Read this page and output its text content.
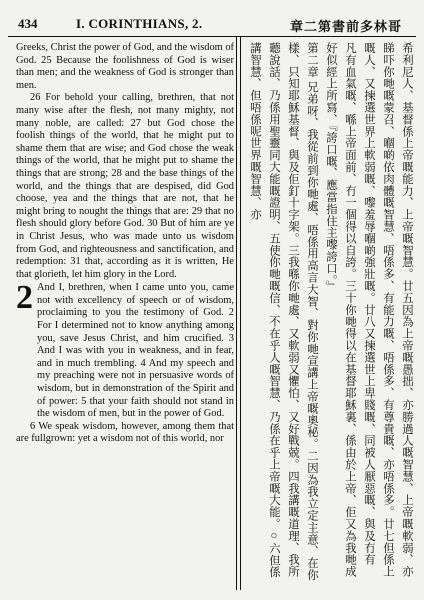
434	I. CORINTHIANS, 2.	章二第書前多林哥

Greeks, Christ the power of God, and the wisdom of God. 25 Because the foolishness of God is wiser than men; and the weakness of God is stronger than men.

26 For behold your calling, brethren, that not many wise after the flesh, not many mighty, not many noble, are called: 27 but God chose the foolish things of the world, that he might put to shame them that are wise; and God chose the weak things of the world, that he might put to shame the things that are strong; 28 and the base things of the world, and the things that are despised, did God choose, yea and the things that are not, that he might bring to nought the things that are: 29 that no flesh should glory before God. 30 But of him are ye in Christ Jesus, who was made unto us wisdom from God, and righteousness and sanctification, and redemption: 31 that, according as it is written, He that glorieth, let him glory in the Lord.

2 And I, brethren, when I came unto you, came not with excellency of speech or of wisdom, proclaiming to you the testimony of God. 2 For I determined not to know anything among you, save Jesus Christ, and him crucified. 3 And I was with you in weakness, and in fear, and in much trembling. 4 And my speech and my preaching were not in persuasive words of wisdom, but in demonstration of the Spirit and of power: 5 that your faith should not stand in the wisdom of men, but in the power of God.

6 We speak wisdom, however, among them that are fullgrown: yet a wisdom not of this world, nor

希利尼人、基督係上帝嘅能力、上帝嘅智慧。廿五因為上帝嘅愚拙、亦勝過人嘅智慧、上帝嘅軟弱、亦
睇吓你哋嘅蒙召、嗰啲依肉體嘅智慧、唔係多、有能力嘅、唔係多、有尊貴嘅、亦唔係多。廿七但係上
嘅人、又揀選世界上軟弱嘅、嚟羞辱嗰啲強壯嘅。廿八又揀選世上卑賤嘅、同被人厭惡嘅、與及冇有
凡有血氣嘅、喺上帝面前、冇一個得以自誇。三十你哋得以在基督耶穌裏、係由於上帝、佢又為我哋成
好似經上所寫、『誇口嘅、應當指住主嚟誇口。』
第二章 兄弟呀、我從前到你哋處、唔係用高言大智、對你哋宣講上帝嘅奧秘。二因為我立定主意、在你
樣、只知耶穌基督、與及佢釘十字架。三我喺你哋處、又軟弱又懼怕、又好戰兢。四我講嘅道理、我所
聽說話、乃係用聖靈同大能嘅證明、五使你哋嘅信、不在乎人嘅智慧、乃係在乎上帝嘅大能。○六但係
講智慧、但唔係呢世界嘅智慧、亦
